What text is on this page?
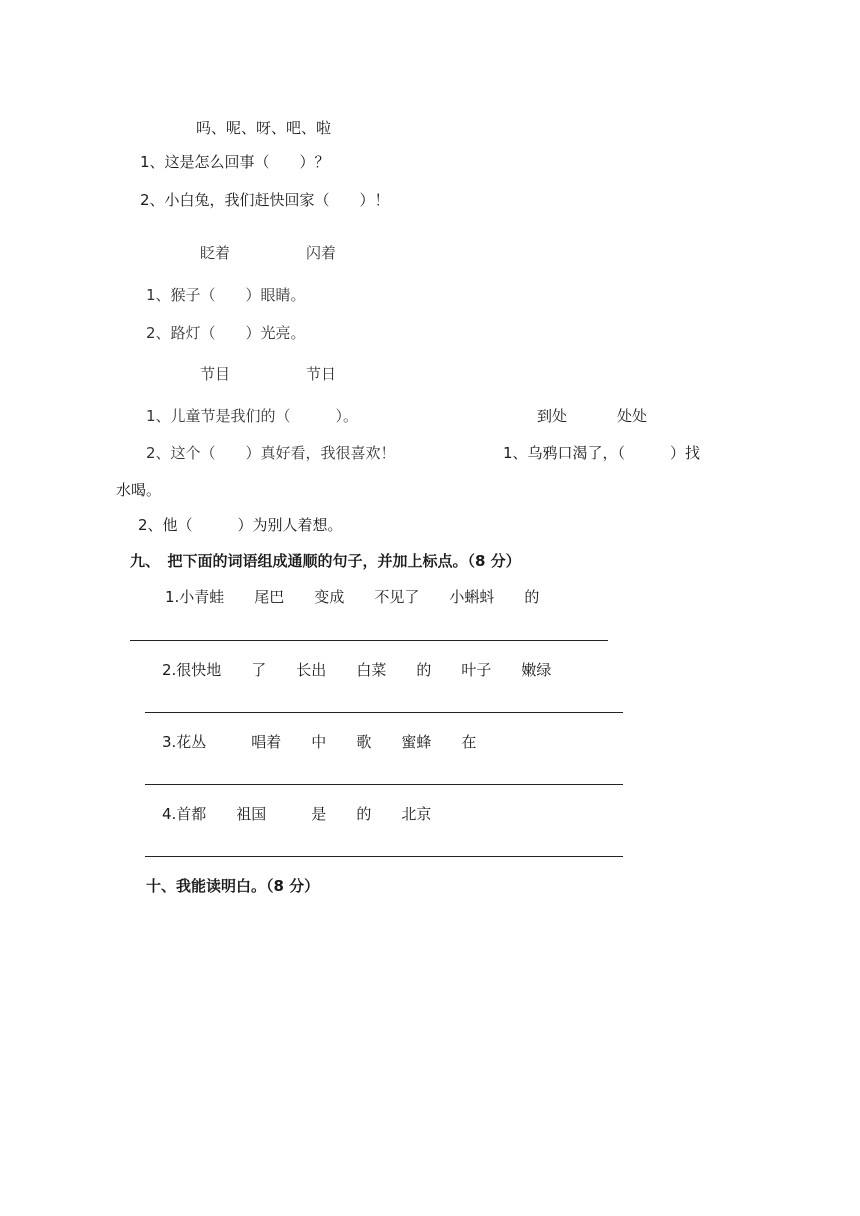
吗、呢、呀、吧、啦
1、这是怎么回事（　　）？
2、小白兔，我们赶快回家（　　）！
眨着	闪着
1、猴子（　　）眼睛。
2、路灯（　　）光亮。
节目	节日
1、儿童节是我们的（　　　）。
2、这个（　　）真好看，我很喜欢！
到处	处处
1、乌鸦口渴了，（　　　）找
水喝。
2、他（　　　）为别人着想。
九、　把下面的词语组成通顺的句子，并加上标点。（8 分）
1.小青蛙　　尾巴　　变成　　不见了　　小蝌蚪　　的
2.很快地　　了　　长出　　白菜　　的　　叶子　　嫩绿
3.花丛　　　唱着　　中　　歌　　蜜蜂　　在
4.首都　　祖国　　　是　　的　　北京
十、我能读明白。（8 分）
